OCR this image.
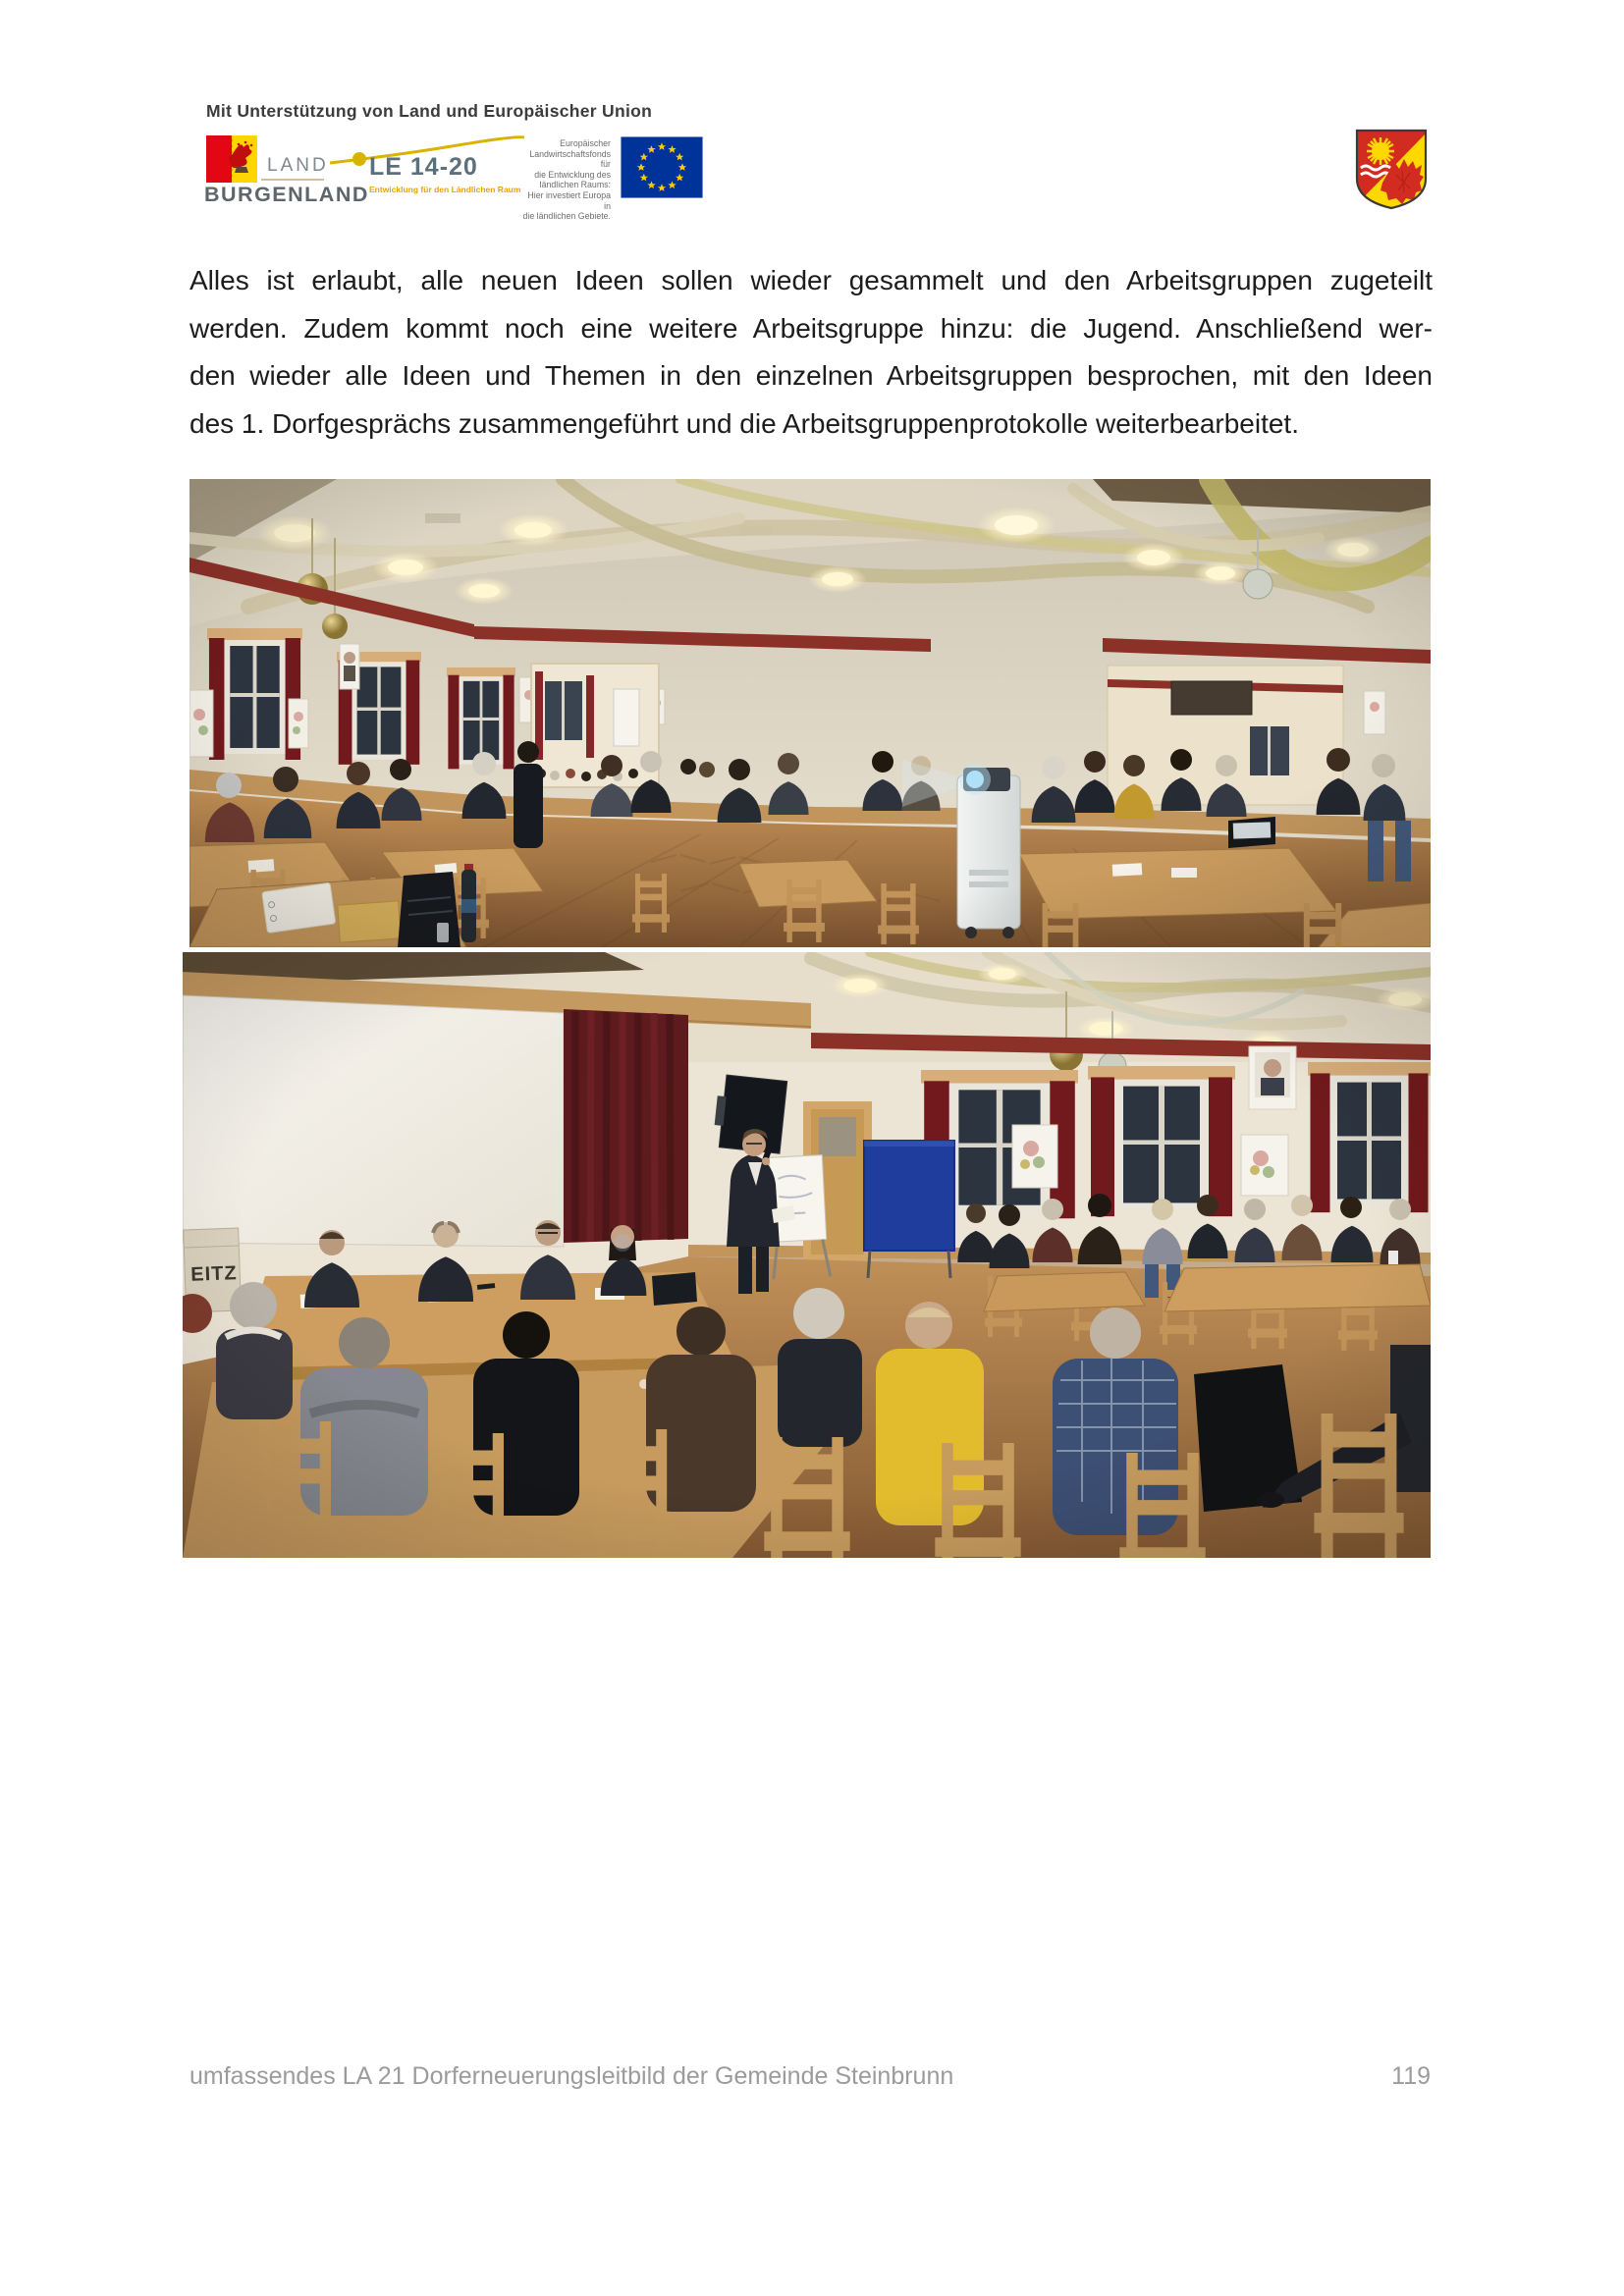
Mit Unterstützung von Land und Europäischer Union
LAND
BURGENLAND
LE 14-20
Entwicklung für den Ländlichen Raum
Europäischer
Landwirtschaftsfonds für
die Entwicklung des
ländlichen Raums:
Hier investiert Europa in
die ländlichen Gebiete.
Alles ist erlaubt, alle neuen Ideen sollen wieder gesammelt und den Arbeitsgruppen zugeteilt
werden. Zudem kommt noch eine weitere Arbeitsgruppe hinzu: die Jugend. Anschließend wer-
den wieder alle Ideen und Themen in den einzelnen Arbeitsgruppen besprochen, mit den Ideen
des 1. Dorfgesprächs zusammengeführt und die Arbeitsgruppenprotokolle weiterbearbeitet.
umfassendes LA 21 Dorferneuerungsleitbild der Gemeinde Steinbrunn	119
